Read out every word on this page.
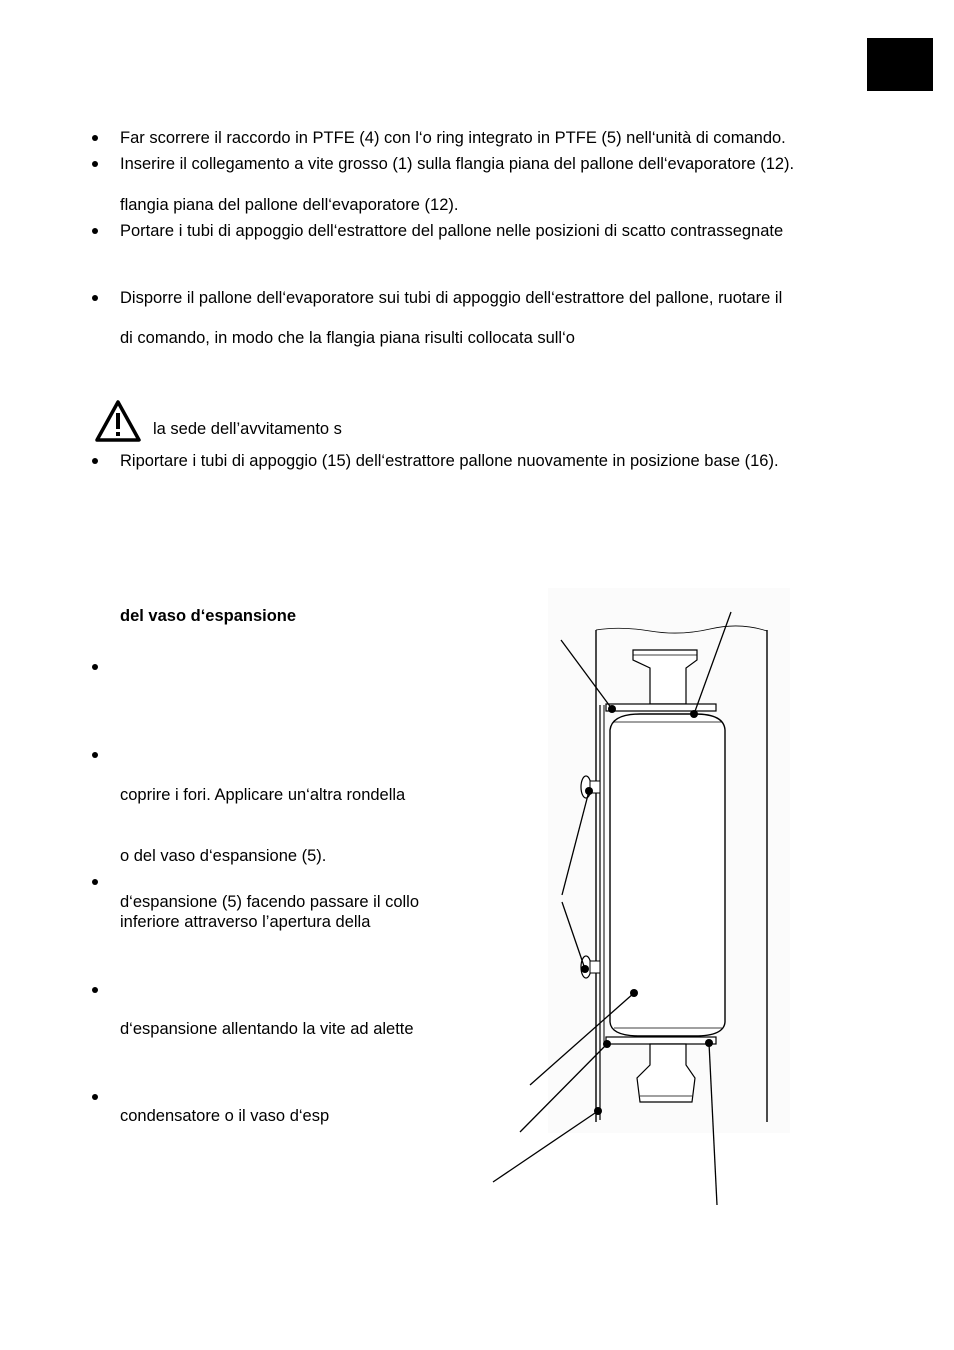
Far scorrere il raccordo in PTFE (4) con l‘o ring integrato in PTFE (5) nell‘unità di comando.
Inserire il collegamento a vite grosso (1) sulla flangia piana del pallone dell‘evaporatore (12).
flangia piana del pallone dell‘evaporatore (12).
Portare i tubi di appoggio dell‘estrattore del pallone nelle posizioni di scatto contrassegnate
Disporre il pallone dell‘evaporatore sui tubi di appoggio dell‘estrattore del pallone, ruotare il
di comando, in modo che la flangia piana risulti collocata sull‘o
la sede dell’avvitamento s
Riportare i tubi di appoggio (15) dell‘estrattore pallone nuovamente in posizione base (16).
del vaso d‘espansione
coprire i fori. Applicare un‘altra rondella
o del vaso d‘espansione (5).
d‘espansione (5) facendo passare il collo
inferiore attraverso l’apertura della
d‘espansione allentando la vite ad alette
condensatore o il vaso d‘esp
